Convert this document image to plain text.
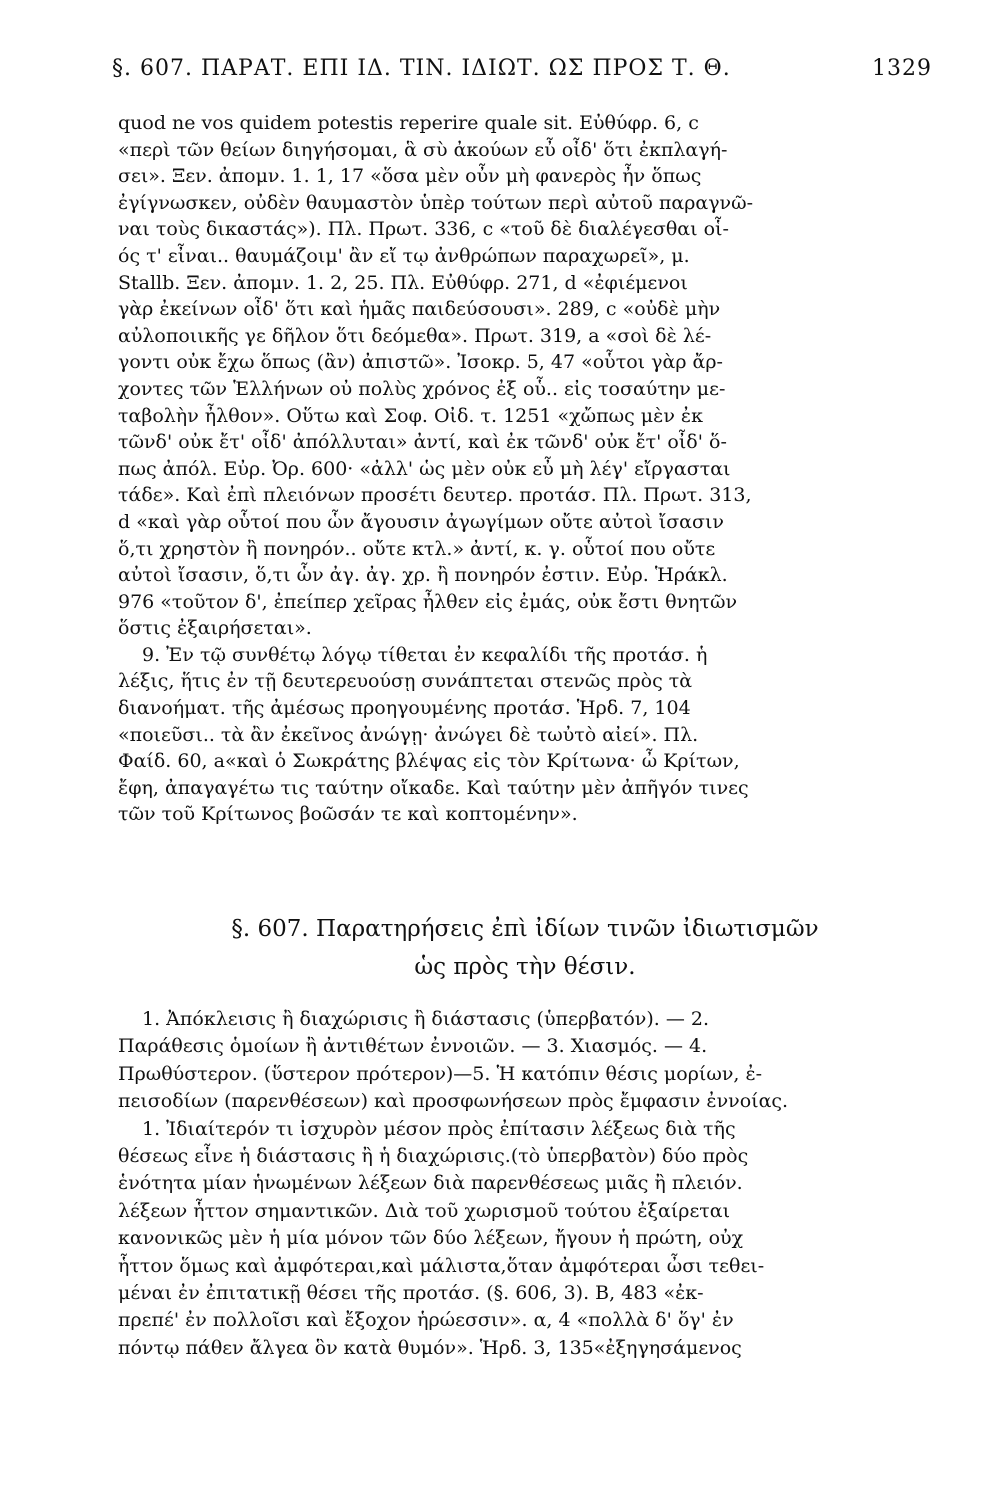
§. 607. ΠΑΡΑΤ. ΕΠΙ ΙΔ. ΤΙΝ. ΙΔΙΩΤ. ΩΣ ΠΡΟΣ Τ. Θ.	1329
quod ne vos quidem potestis reperire quale sit. Εὐθύφρ. 6, c
«περὶ τῶν θείων διηγήσομαι, ἃ σὺ ἀκούων εὖ οἶδ' ὅτι ἐκπλαγή-
σει». Ξεν. ἀπομν. 1. 1, 17 «ὅσα μὲν οὖν μὴ φανερὸς ἦν ὅπως
ἐγίγνωσκεν, οὐδὲν θαυμαστὸν ὑπὲρ τούτων περὶ αὐτοῦ παραγνῶ-
ναι τοὺς δικαστάς»). Πλ. Πρωτ. 336, c «τοῦ δὲ διαλέγεσθαι οἷ-
ός τ' εἶναι.. θαυμάζοιμ' ἂν εἴ τῳ ἀνθρώπων παραχωρεῖ», μ.
Stallb. Ξεν. ἀπομν. 1. 2, 25. Πλ. Εὐθύφρ. 271, d «ἐφιέμενοι
γὰρ ἐκείνων οἶδ' ὅτι καὶ ἡμᾶς παιδεύσουσι». 289, c «οὐδὲ μὴν
αὐλοποιικῆς γε δῆλον ὅτι δεόμεθα». Πρωτ. 319, a «σοὶ δὲ λέ-
γοντι οὐκ ἔχω ὅπως (ἂν) ἀπιστῶ». Ἰσοκρ. 5, 47 «οὗτοι γὰρ ἄρ-
χοντες τῶν Ἑλλήνων οὐ πολὺς χρόνος ἐξ οὗ.. εἰς τοσαύτην με-
ταβολὴν ἦλθον». Οὕτω καὶ Σοφ. Οἰδ. τ. 1251 «χὤπως μὲν ἐκ
τῶνδ' οὐκ ἔτ' οἶδ' ἀπόλλυται» ἀντί, καὶ ἐκ τῶνδ' οὐκ ἔτ' οἶδ' ὅ-
πως ἀπόλ. Εὐρ. Ὀρ. 600· «ἀλλ' ὡς μὲν οὐκ εὖ μὴ λέγ' εἴργασται
τάδε». Καὶ ἐπὶ πλειόνων προσέτι δευτερ. προτάσ. Πλ. Πρωτ. 313,
d «καὶ γὰρ οὗτοί που ὧν ἄγουσιν ἀγωγίμων οὔτε αὐτοὶ ἴσασιν
ὅ,τι χρηστὸν ἢ πονηρόν.. οὔτε κτλ.» ἀντί, κ. γ. οὗτοί που οὔτε
αὐτοὶ ἴσασιν, ὅ,τι ὧν ἀγ. ἀγ. χρ. ἢ πονηρόν ἐστιν. Εὐρ. Ἡράκλ.
976 «τοῦτον δ', ἐπείπερ χεῖρας ἦλθεν εἰς ἐμάς, οὐκ ἔστι θνητῶν
ὅστις ἐξαιρήσεται».
9. Ἐν τῷ συνθέτῳ λόγῳ τίθεται ἐν κεφαλίδι τῆς προτάσ. ἡ
λέξις, ἥτις ἐν τῇ δευτερευούσῃ συνάπτεται στενῶς πρὸς τὰ
διανοήματ. τῆς ἀμέσως προηγουμένης προτάσ. Ἡρδ. 7, 104
«ποιεῦσι.. τὰ ἂν ἐκεῖνος ἀνώγῃ· ἀνώγει δὲ τωὐτὸ αἰεί». Πλ.
Φαίδ. 60, a«καὶ ὁ Σωκράτης βλέψας εἰς τὸν Κρίτωνα· ὦ Κρίτων,
ἔφη, ἀπαγαγέτω τις ταύτην οἴκαδε. Καὶ ταύτην μὲν ἀπῆγόν τινες
τῶν τοῦ Κρίτωνος βοῶσάν τε καὶ κοπτομένην».
§. 607. Παρατηρήσεις ἐπὶ ἰδίων τινῶν ἰδιωτισμῶν
ὡς πρὸς τὴν θέσιν.
1. Ἀπόκλεισις ἢ διαχώρισις ἢ διάστασις (ὑπερβατόν). — 2.
Παράθεσις ὁμοίων ἢ ἀντιθέτων ἐννοιῶν. — 3. Χιασμός. — 4.
Πρωθύστερον. (ὕστερον πρότερον)—5. Ἡ κατόπιν θέσις μορίων, ἐ-
πεισοδίων (παρενθέσεων) καὶ προσφωνήσεων πρὸς ἔμφασιν ἐννοίας.
1. Ἰδιαίτερόν τι ἰσχυρὸν μέσον πρὸς ἐπίτασιν λέξεως διὰ τῆς
θέσεως εἶνε ἡ διάστασις ἢ ἡ διαχώρισις.(τὸ ὑπερβατὸν) δύο πρὸς
ἑνότητα μίαν ἡνωμένων λέξεων διὰ παρενθέσεως μιᾶς ἢ πλειόν.
λέξεων ἧττον σημαντικῶν. Διὰ τοῦ χωρισμοῦ τούτου ἐξαίρεται
κανονικῶς μὲν ἡ μία μόνον τῶν δύο λέξεων, ἤγουν ἡ πρώτη, οὐχ
ἧττον ὅμως καὶ ἀμφότεραι,καὶ μάλιστα,ὅταν ἀμφότεραι ὦσι τεθει-
μέναι ἐν ἐπιτατικῇ θέσει τῆς προτάσ. (§. 606, 3). B, 483 «ἐκ-
πρεπέ' ἐν πολλοῖσι καὶ ἔξοχον ἡρώεσσιν». α, 4 «πολλὰ δ' ὅγ' ἐν
πόντῳ πάθεν ἄλγεα ὃν κατὰ θυμόν». Ἡρδ. 3, 135«ἐξηγησάμενος
